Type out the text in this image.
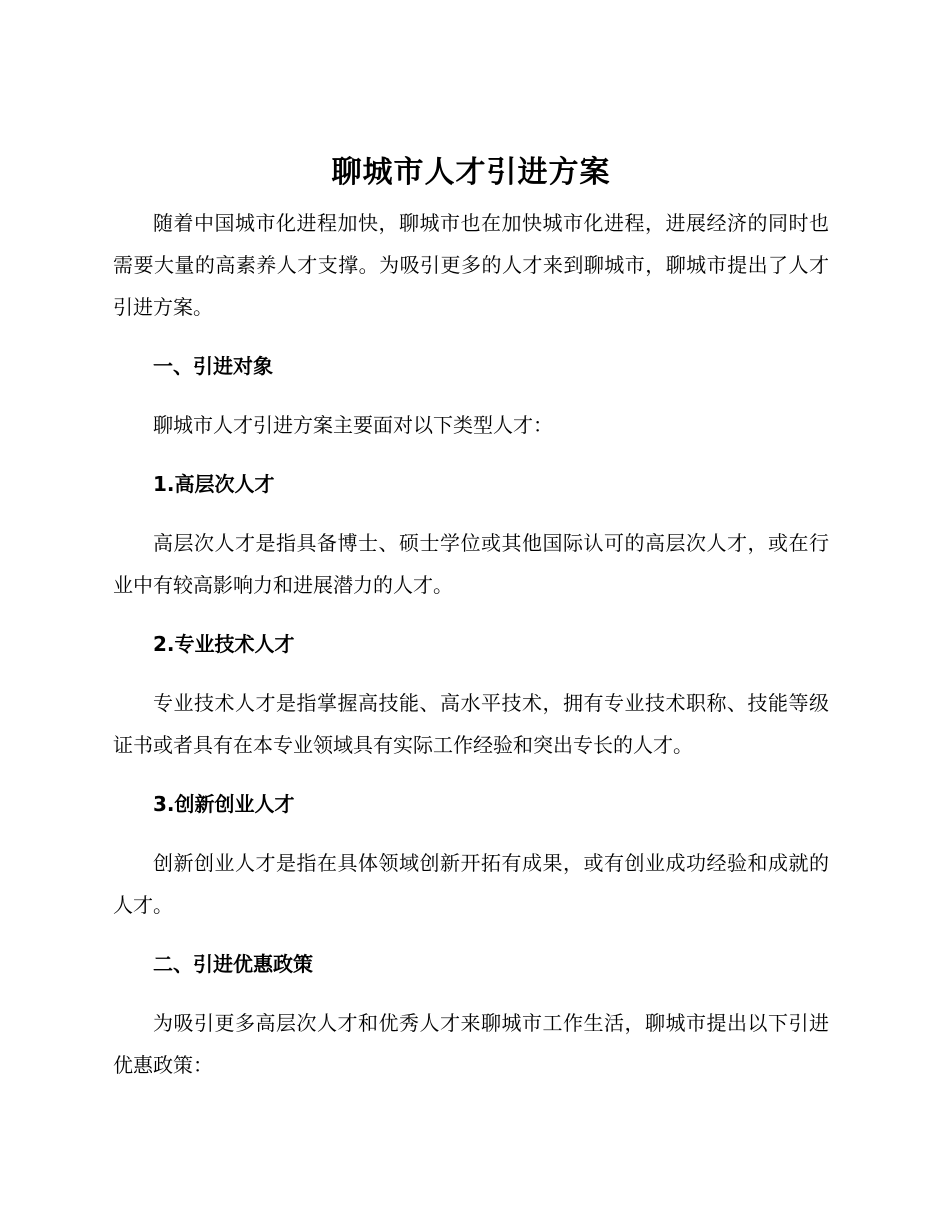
聊城市人才引进方案

随着中国城市化进程加快，聊城市也在加快城市化进程，进展经济的同时也需要大量的高素养人才支撑。为吸引更多的人才来到聊城市，聊城市提出了人才引进方案。

一、引进对象

聊城市人才引进方案主要面对以下类型人才：

1.高层次人才

高层次人才是指具备博士、硕士学位或其他国际认可的高层次人才，或在行业中有较高影响力和进展潜力的人才。

2.专业技术人才

专业技术人才是指掌握高技能、高水平技术，拥有专业技术职称、技能等级证书或者具有在本专业领域具有实际工作经验和突出专长的人才。

3.创新创业人才

创新创业人才是指在具体领域创新开拓有成果，或有创业成功经验和成就的人才。

二、引进优惠政策

为吸引更多高层次人才和优秀人才来聊城市工作生活，聊城市提出以下引进优惠政策：
